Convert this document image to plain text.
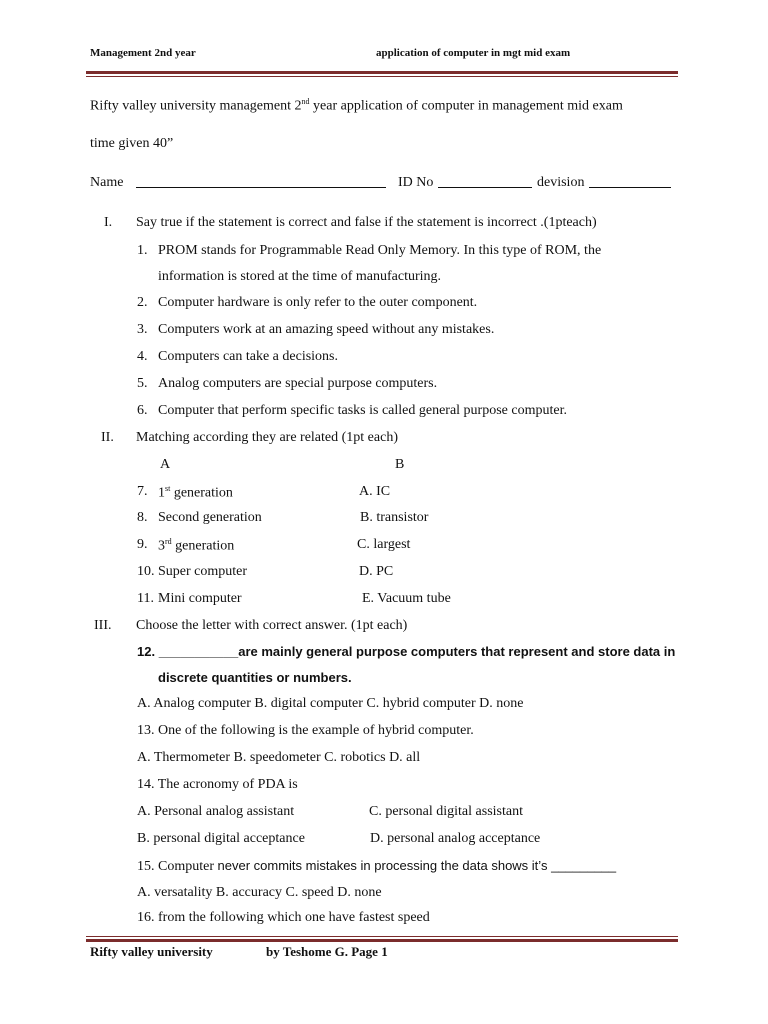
Management 2nd year	application of computer in mgt mid exam
Rifty valley university management 2nd year application of computer in management mid exam
time given 40”
Name	ID No	devision
I. Say true if the statement is correct and false if the statement is incorrect .(1pteach)
1. PROM stands for Programmable Read Only Memory. In this type of ROM, the
information is stored at the time of manufacturing.
2. Computer hardware is only refer to the outer component.
3. Computers work at an amazing speed without any mistakes.
4. Computers can take a decisions.
5. Analog computers are special purpose computers.
6. Computer that perform specific tasks is called general purpose computer.
II. Matching according they are related (1pt each)
A	B
7. 1st generation	A. IC
8. Second generation	B. transistor
9. 3rd generation	C. largest
10. Super computer	D. PC
11. Mini computer	E. Vacuum tube
III. Choose the letter with correct answer. (1pt each)
12. ___________are mainly general purpose computers that represent and store data in
discrete quantities or numbers.
A. Analog computer B. digital computer C. hybrid computer D. none
13. One of the following is the example of hybrid computer.
A. Thermometer B. speedometer C. robotics D. all
14. The acronomy of PDA is
A. Personal analog assistant	C. personal digital assistant
B. personal digital acceptance	D. personal analog acceptance
15. Computer never commits mistakes in processing the data shows it’s _________
A. versatality B. accuracy C. speed D. none
16. from the following which one have fastest speed
Rifty valley university	by Teshome G. Page 1
